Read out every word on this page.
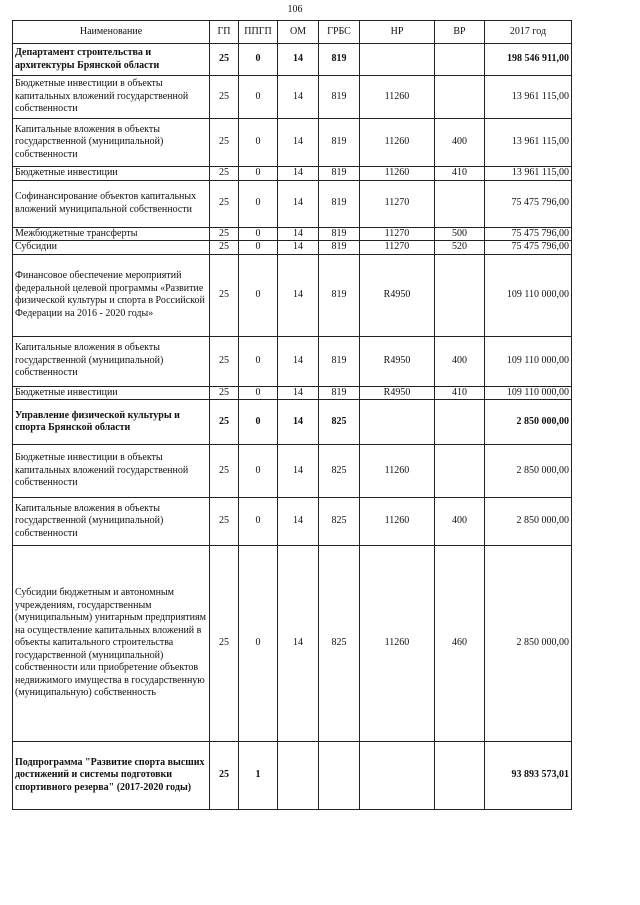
106
Наименование	ГП	ППГП	ОМ	ГРБС	НР	ВР	2017 год
Департамент строительства и архитектуры Брянской области	25	0	14	819			198 546 911,00
Бюджетные инвестиции в объекты капитальных вложений государственной собственности	25	0	14	819	11260		13 961 115,00
Капитальные вложения в объекты государственной (муниципальной) собственности	25	0	14	819	11260	400	13 961 115,00
Бюджетные инвестиции	25	0	14	819	11260	410	13 961 115,00
Софинансирование объектов капитальных вложений муниципальной собственности	25	0	14	819	11270		75 475 796,00
Межбюджетные трансферты	25	0	14	819	11270	500	75 475 796,00
Субсидии	25	0	14	819	11270	520	75 475 796,00
Финансовое обеспечение мероприятий федеральной целевой программы «Развитие физической культуры и спорта в Российской Федерации на 2016 - 2020 годы»	25	0	14	819	R4950		109 110 000,00
Капитальные вложения в объекты государственной (муниципальной) собственности	25	0	14	819	R4950	400	109 110 000,00
Бюджетные инвестиции	25	0	14	819	R4950	410	109 110 000,00
Управление физической культуры и спорта Брянской области	25	0	14	825			2 850 000,00
Бюджетные инвестиции в объекты капитальных вложений государственной собственности	25	0	14	825	11260		2 850 000,00
Капитальные вложения в объекты государственной (муниципальной) собственности	25	0	14	825	11260	400	2 850 000,00
Субсидии бюджетным и автономным учреждениям, государственным (муниципальным) унитарным предприятиям на осуществление капитальных вложений в объекты капитального строительства государственной (муниципальной) собственности или приобретение объектов недвижимого имущества в государственную (муниципальную) собственность	25	0	14	825	11260	460	2 850 000,00
Подпрограмма "Развитие спорта высших достижений и системы подготовки спортивного резерва" (2017-2020 годы)	25	1					93 893 573,01
